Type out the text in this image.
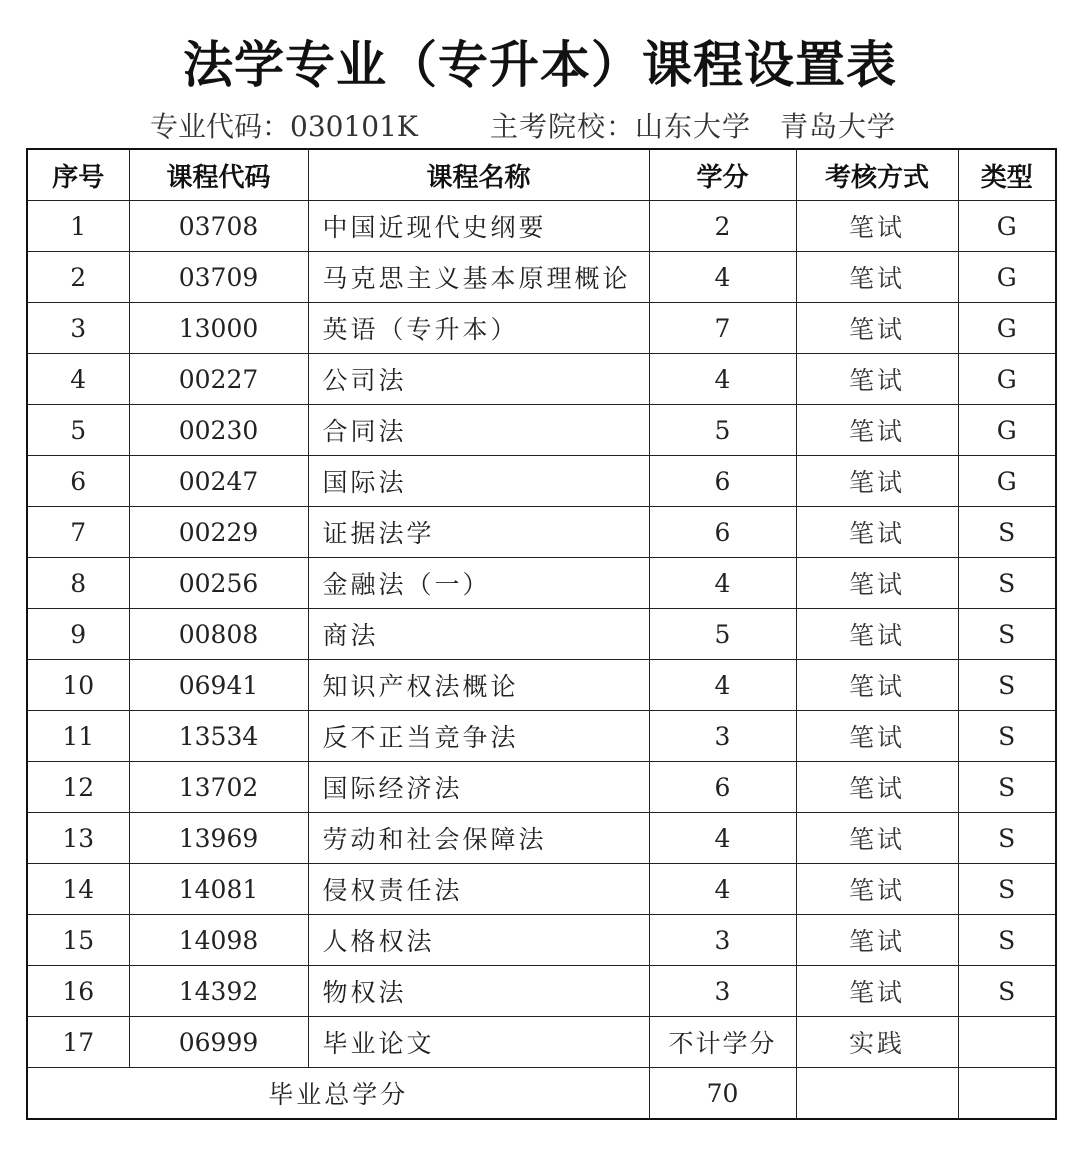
法学专业（专升本）课程设置表
专业代码：030101K	主考院校：山东大学　青岛大学
序号	课程代码	课程名称	学分	考核方式	类型
1	03708	中国近现代史纲要	2	笔试	G
2	03709	马克思主义基本原理概论	4	笔试	G
3	13000	英语（专升本）	7	笔试	G
4	00227	公司法	4	笔试	G
5	00230	合同法	5	笔试	G
6	00247	国际法	6	笔试	G
7	00229	证据法学	6	笔试	S
8	00256	金融法（一）	4	笔试	S
9	00808	商法	5	笔试	S
10	06941	知识产权法概论	4	笔试	S
11	13534	反不正当竞争法	3	笔试	S
12	13702	国际经济法	6	笔试	S
13	13969	劳动和社会保障法	4	笔试	S
14	14081	侵权责任法	4	笔试	S
15	14098	人格权法	3	笔试	S
16	14392	物权法	3	笔试	S
17	06999	毕业论文	不计学分	实践	
毕业总学分			70		
